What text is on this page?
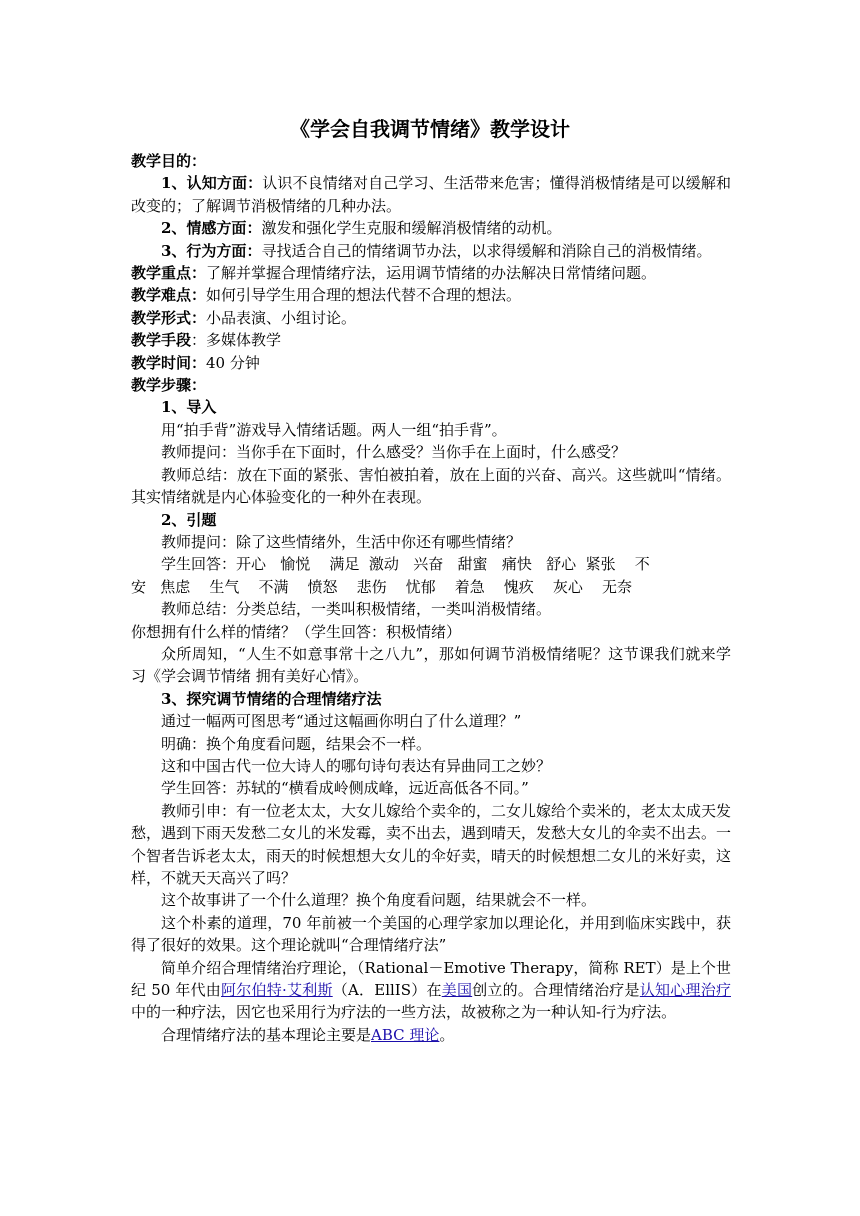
《学会自我调节情绪》教学设计

教学目的：

1、认知方面：认识不良情绪对自己学习、生活带来危害；懂得消极情绪是可以缓解和改变的；了解调节消极情绪的几种办法。

2、情感方面：激发和强化学生克服和缓解消极情绪的动机。

3、行为方面：寻找适合自己的情绪调节办法，以求得缓解和消除自己的消极情绪。

教学重点：了解并掌握合理情绪疗法，运用调节情绪的办法解决日常情绪问题。

教学难点：如何引导学生用合理的想法代替不合理的想法。

教学形式：小品表演、小组讨论。

教学手段：多媒体教学

教学时间：40 分钟

教学步骤：

1、导入

用“拍手背”游戏导入情绪话题。两人一组“拍手背”。

教师提问：当你手在下面时，什么感受？当你手在上面时，什么感受？

教师总结：放在下面的紧张、害怕被拍着，放在上面的兴奋、高兴。这些就叫“情绪。其实情绪就是内心体验变化的一种外在表现。

2、引题

教师提问：除了这些情绪外，生活中你还有哪些情绪？

学生回答：开心   愉悦    满足  激动   兴奋   甜蜜   痛快   舒心  紧张    不

安   焦虑    生气    不满    愤怒    悲伤    忧郁    着急    愧疚    灰心    无奈

教师总结：分类总结，一类叫积极情绪，一类叫消极情绪。

你想拥有什么样的情绪？（学生回答：积极情绪）

众所周知，“人生不如意事常十之八九”，那如何调节消极情绪呢？这节课我们就来学习《学会调节情绪 拥有美好心情》。

3、探究调节情绪的合理情绪疗法

通过一幅两可图思考“通过这幅画你明白了什么道理？”

明确：换个角度看问题，结果会不一样。

这和中国古代一位大诗人的哪句诗句表达有异曲同工之妙？

学生回答：苏轼的“横看成岭侧成峰，远近高低各不同。”

教师引申：有一位老太太，大女儿嫁给个卖伞的，二女儿嫁给个卖米的，老太太成天发愁，遇到下雨天发愁二女儿的米发霉，卖不出去，遇到晴天，发愁大女儿的伞卖不出去。一个智者告诉老太太，雨天的时候想想大女儿的伞好卖，晴天的时候想想二女儿的米好卖，这样，不就天天高兴了吗？

这个故事讲了一个什么道理？换个角度看问题，结果就会不一样。

这个朴素的道理，70 年前被一个美国的心理学家加以理论化，并用到临床实践中，获得了很好的效果。这个理论就叫“合理情绪疗法”

简单介绍合理情绪治疗理论，（Rational－Emotive Therapy，简称 RET）是上个世纪 50 年代由阿尔伯特·艾利斯（A．EllIS）在美国创立的。合理情绪治疗是认知心理治疗中的一种疗法，因它也采用行为疗法的一些方法，故被称之为一种认知-行为疗法。

合理情绪疗法的基本理论主要是ABC 理论。
